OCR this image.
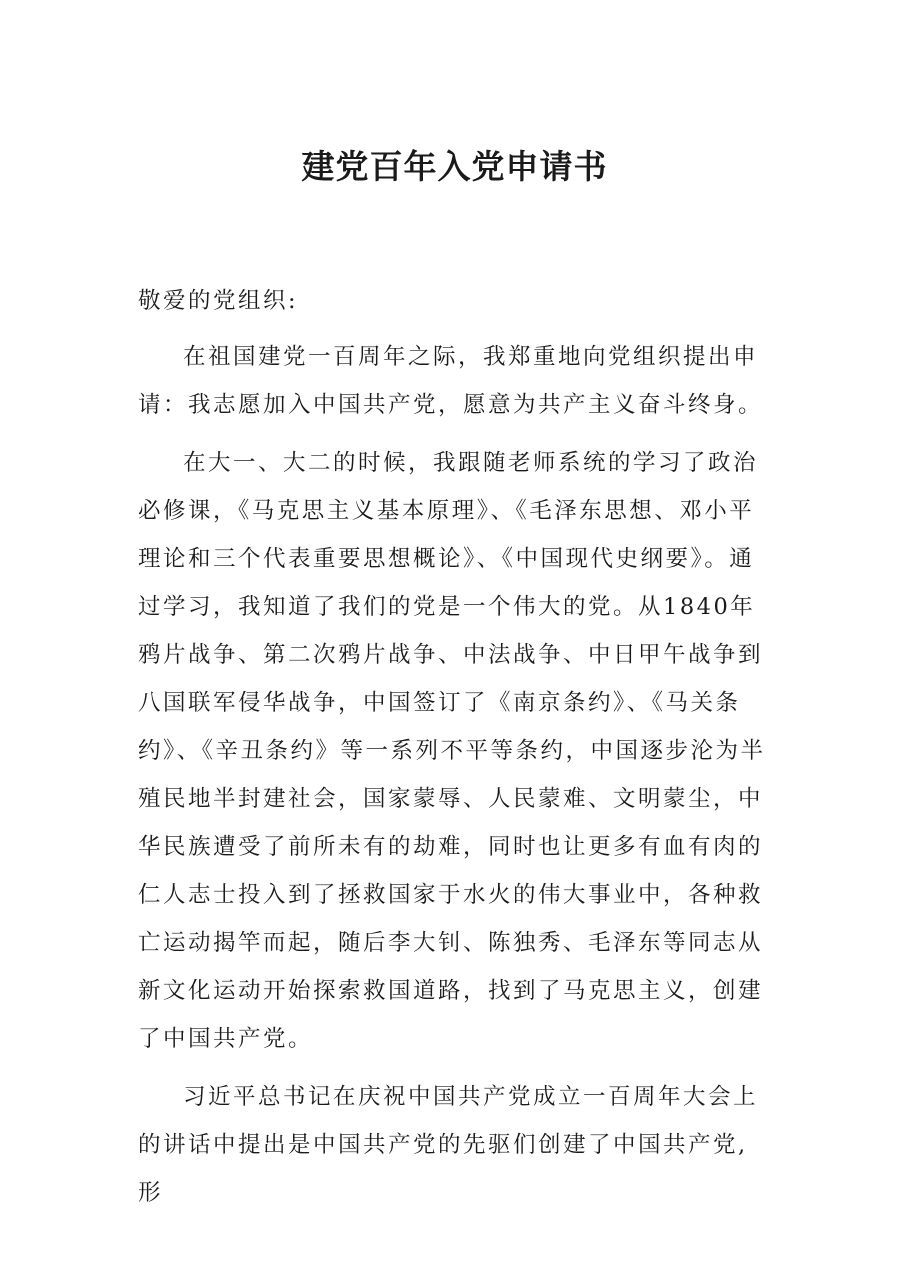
建党百年入党申请书

敬爱的党组织:

在祖国建党一百周年之际，我郑重地向党组织提出申请：我志愿加入中国共产党，愿意为共产主义奋斗终身。

在大一、大二的时候，我跟随老师系统的学习了政治必修课，《马克思主义基本原理》、《毛泽东思想、邓小平理论和三个代表重要思想概论》、《中国现代史纲要》。通过学习，我知道了我们的党是一个伟大的党。从1840年鸦片战争、第二次鸦片战争、中法战争、中日甲午战争到八国联军侵华战争，中国签订了《南京条约》、《马关条约》、《辛丑条约》等一系列不平等条约，中国逐步沦为半殖民地半封建社会，国家蒙辱、人民蒙难、文明蒙尘，中华民族遭受了前所未有的劫难，同时也让更多有血有肉的仁人志士投入到了拯救国家于水火的伟大事业中，各种救亡运动揭竿而起，随后李大钊、陈独秀、毛泽东等同志从新文化运动开始探索救国道路，找到了马克思主义，创建了中国共产党。

习近平总书记在庆祝中国共产党成立一百周年大会上的讲话中提出是中国共产党的先驱们创建了中国共产党,形
